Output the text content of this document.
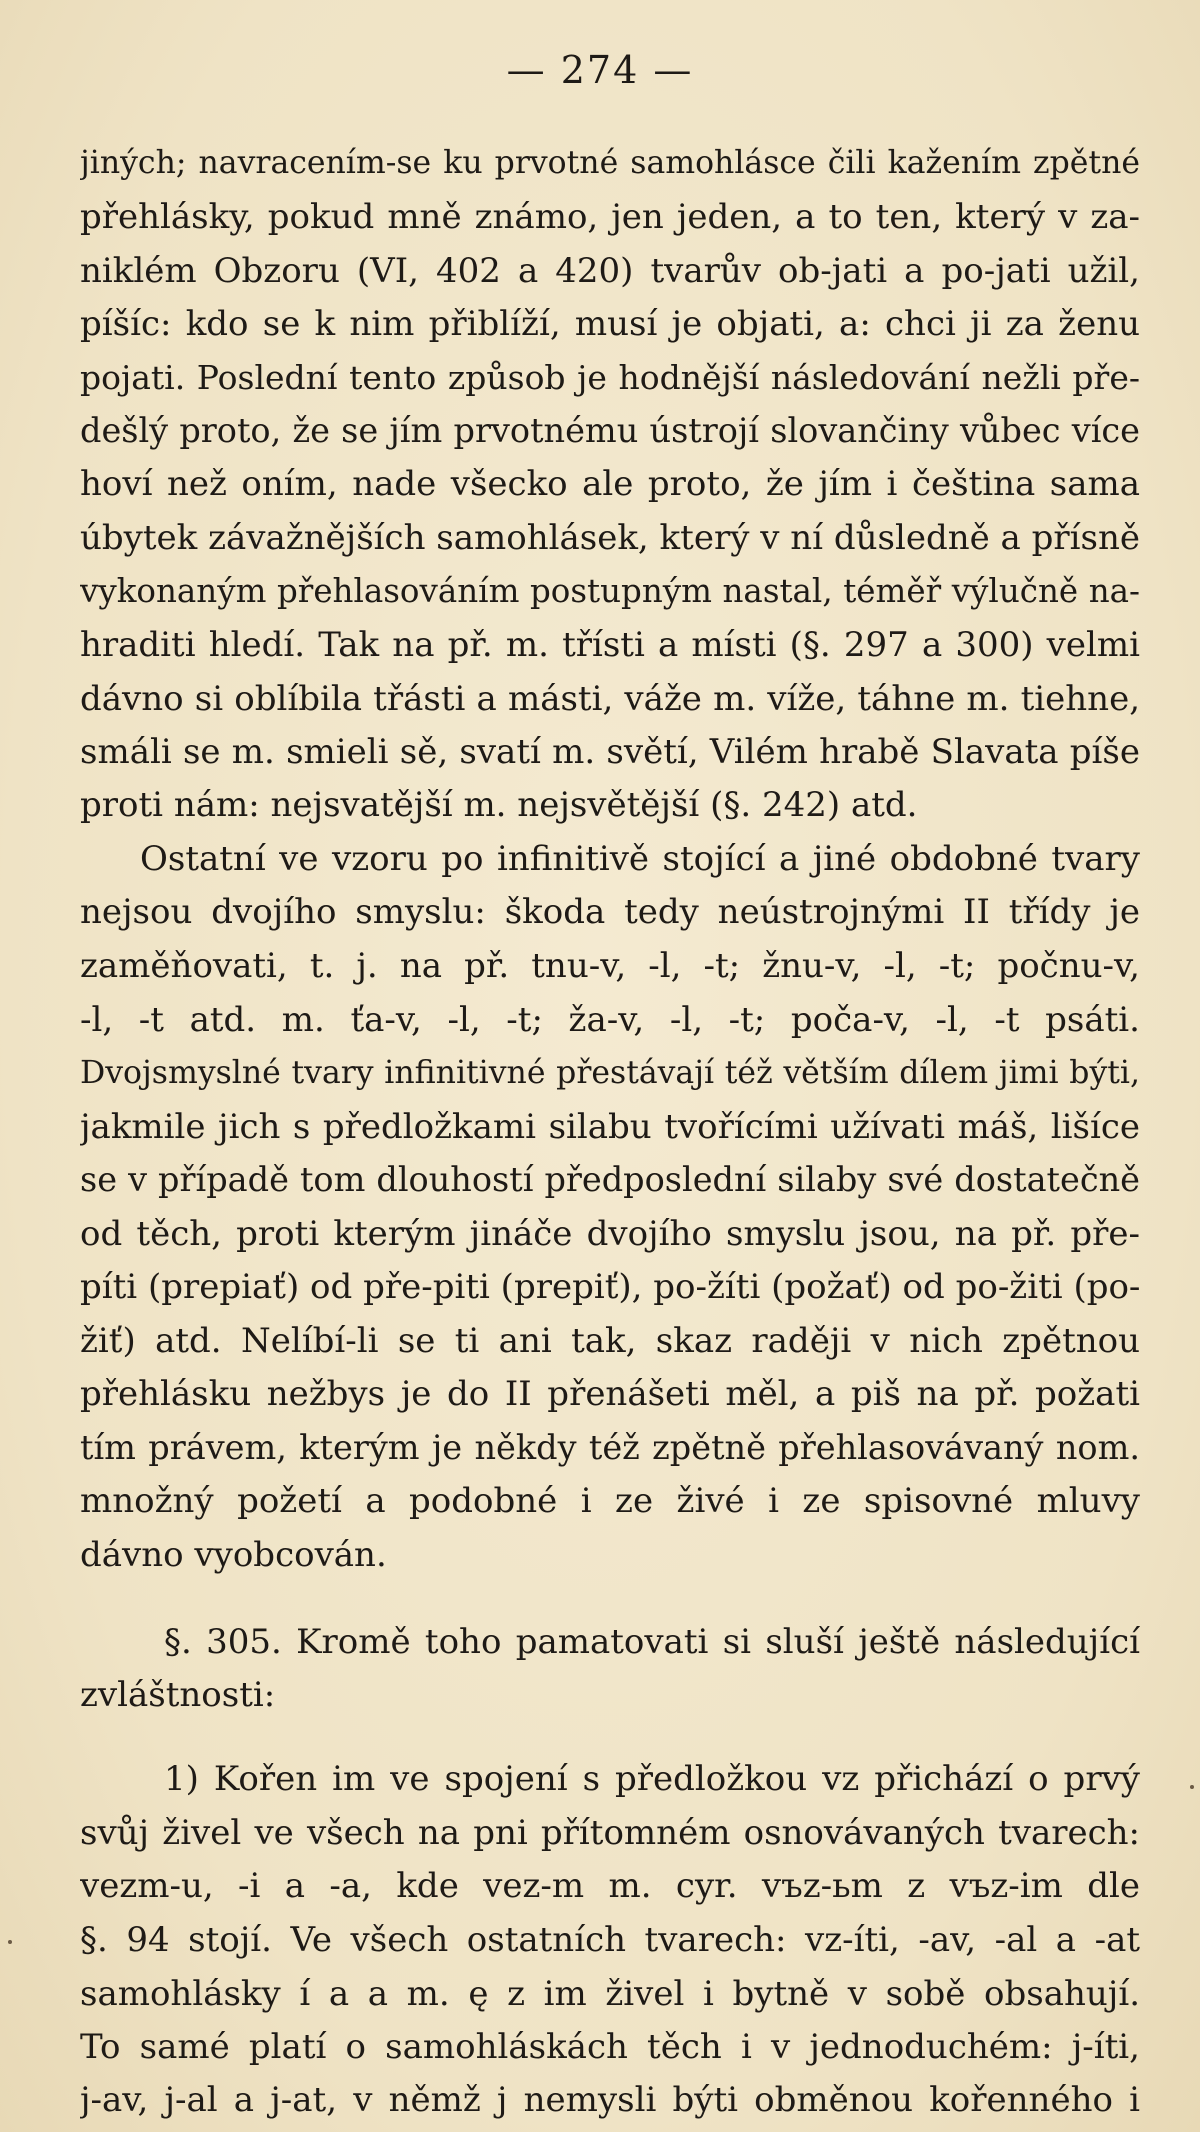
— 274 —
jiných; navracením-se ku prvotné samohlásce čili kažením zpětné
přehlásky, pokud mně známo, jen jeden, a to ten, který v za-
niklém Obzoru (VI, 402 a 420) tvarův ob-jati a po-jati užil,
píšíc: kdo se k nim přiblíží, musí je objati, a: chci ji za ženu
pojati. Poslední tento způsob je hodnější následování nežli pře-
dešlý proto, že se jím prvotnému ústrojí slovančiny vůbec více
hoví než oním, nade všecko ale proto, že jím i čeština sama
úbytek závažnějších samohlásek, který v ní důsledně a přísně
vykonaným přehlasováním postupným nastal, téměř výlučně na-
hraditi hledí. Tak na př. m. třísti a místi (§. 297 a 300) velmi
dávno si oblíbila třásti a másti, váže m. víže, táhne m. tiehne,
smáli se m. smieli sě, svatí m. světí, Vilém hrabě Slavata píše
proti nám: nejsvatější m. nejsvětější (§. 242) atd.
Ostatní ve vzoru po infinitivě stojící a jiné obdobné tvary
nejsou dvojího smyslu: škoda tedy neústrojnými II třídy je
zaměňovati, t. j. na př. tnu-v, -l, -t; žnu-v, -l, -t; počnu-v,
-l, -t atd. m. ťa-v, -l, -t; ža-v, -l, -t; poča-v, -l, -t psáti.
Dvojsmyslné tvary infinitivné přestávají též větším dílem jimi býti,
jakmile jich s předložkami silabu tvořícími užívati máš, lišíce
se v případě tom dlouhostí předposlední silaby své dostatečně
od těch, proti kterým jináče dvojího smyslu jsou, na př. pře-
píti (prepiať) od pře-piti (prepiť), po-žíti (požať) od po-žiti (po-
žiť) atd. Nelíbí-li se ti ani tak, skaz raději v nich zpětnou
přehlásku nežbys je do II přenášeti měl, a piš na př. požati
tím právem, kterým je někdy též zpětně přehlasovávaný nom.
množný požetí a podobné i ze živé i ze spisovné mluvy
dávno vyobcován.
§. 305. Kromě toho pamatovati si sluší ještě následující
zvláštnosti:
1) Kořen im ve spojení s předložkou vz přichází o prvý
svůj živel ve všech na pni přítomném osnovávaných tvarech:
vezm-u, -i a -a, kde vez-m m. cyr. vъz-ьm z vъz-im dle
§. 94 stojí. Ve všech ostatních tvarech: vz-íti, -av, -al a -at
samohlásky í a a m. ę z im živel i bytně v sobě obsahují.
To samé platí o samohláskách těch i v jednoduchém: j-íti,
j-av, j-al a j-at, v němž j nemysli býti obměnou kořenného i
